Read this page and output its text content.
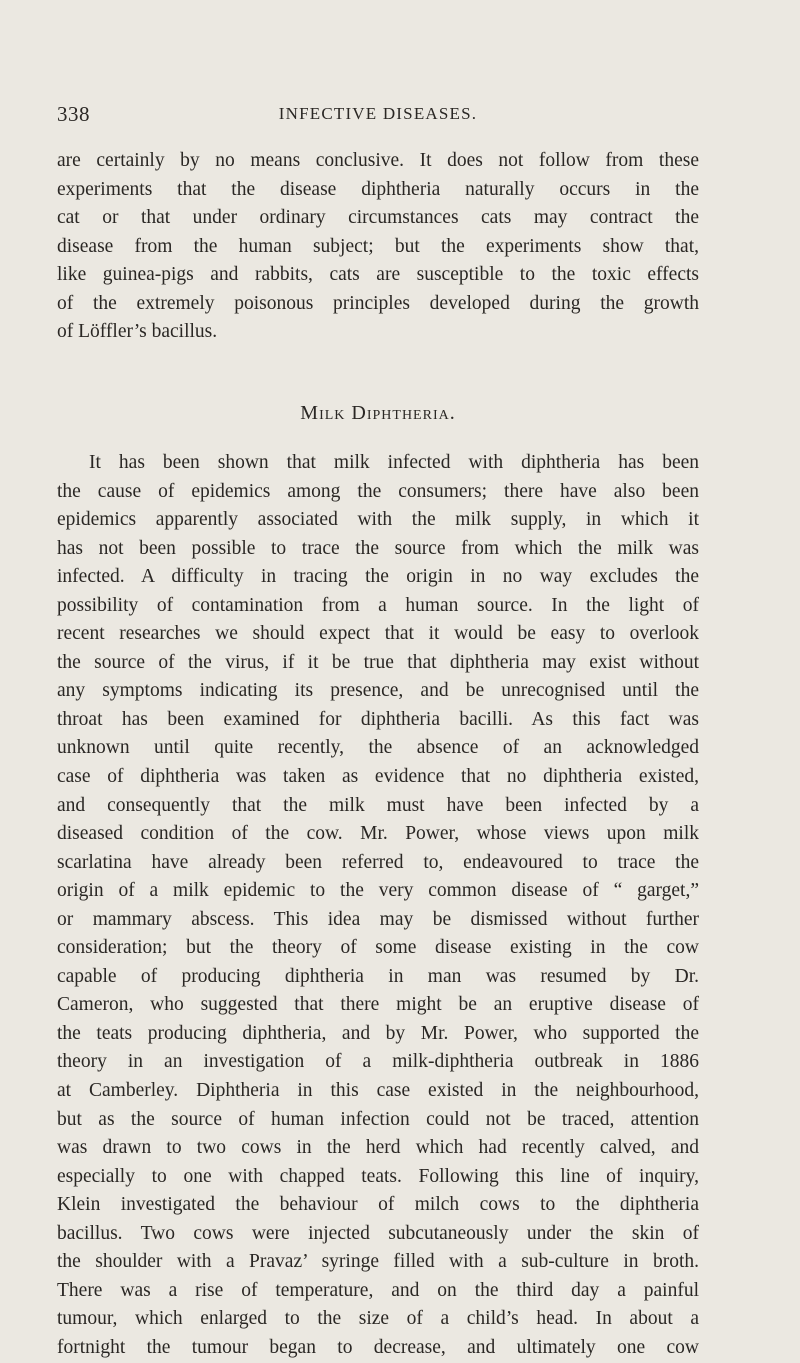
338	INFECTIVE DISEASES.
are certainly by no means conclusive. It does not follow from these
experiments that the disease diphtheria naturally occurs in the
cat or that under ordinary circumstances cats may contract the
disease from the human subject; but the experiments show that,
like guinea-pigs and rabbits, cats are susceptible to the toxic effects
of the extremely poisonous principles developed during the growth
of Löffler’s bacillus.
Milk Diphtheria.
It has been shown that milk infected with diphtheria has been
the cause of epidemics among the consumers; there have also been
epidemics apparently associated with the milk supply, in which it
has not been possible to trace the source from which the milk was
infected. A difficulty in tracing the origin in no way excludes the
possibility of contamination from a human source. In the light of
recent researches we should expect that it would be easy to overlook
the source of the virus, if it be true that diphtheria may exist without
any symptoms indicating its presence, and be unrecognised until the
throat has been examined for diphtheria bacilli. As this fact was
unknown until quite recently, the absence of an acknowledged
case of diphtheria was taken as evidence that no diphtheria existed,
and consequently that the milk must have been infected by a
diseased condition of the cow. Mr. Power, whose views upon milk
scarlatina have already been referred to, endeavoured to trace the
origin of a milk epidemic to the very common disease of “ garget,”
or mammary abscess. This idea may be dismissed without further
consideration; but the theory of some disease existing in the cow
capable of producing diphtheria in man was resumed by Dr.
Cameron, who suggested that there might be an eruptive disease of
the teats producing diphtheria, and by Mr. Power, who supported the
theory in an investigation of a milk-diphtheria outbreak in 1886
at Camberley. Diphtheria in this case existed in the neighbourhood,
but as the source of human infection could not be traced, attention
was drawn to two cows in the herd which had recently calved, and
especially to one with chapped teats. Following this line of inquiry,
Klein investigated the behaviour of milch cows to the diphtheria
bacillus. Two cows were injected subcutaneously under the skin of
the shoulder with a Pravaz’ syringe filled with a sub-culture in broth.
There was a rise of temperature, and on the third day a painful
tumour, which enlarged to the size of a child’s head. In about a
fortnight the tumour began to decrease, and ultimately one cow
